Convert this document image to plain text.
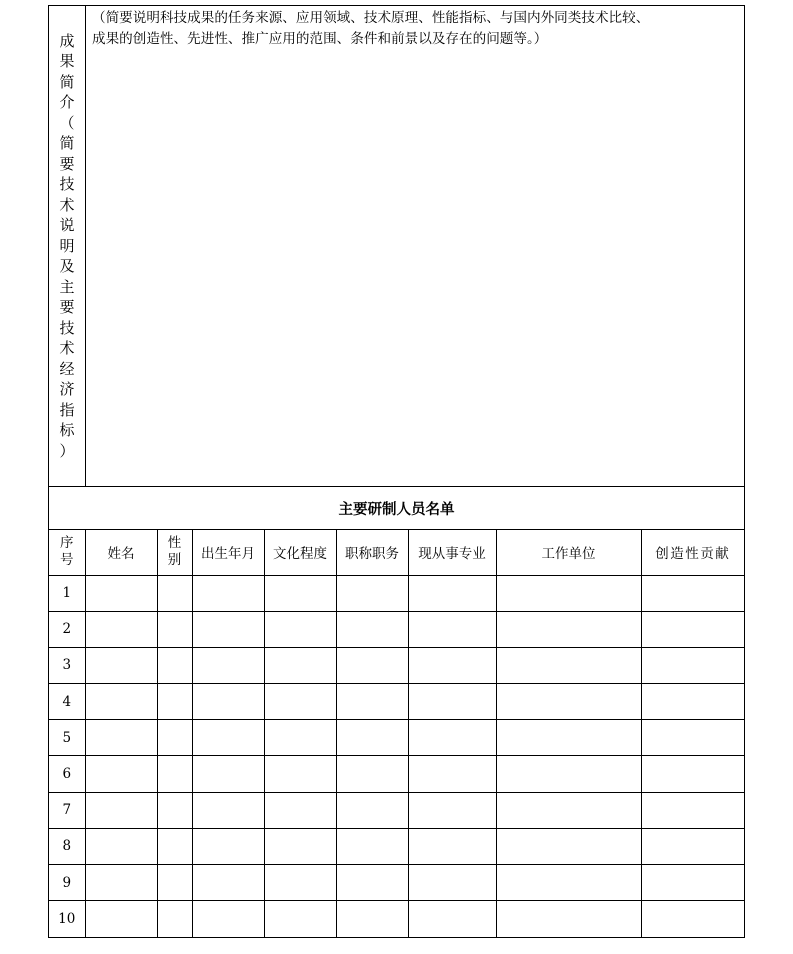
成
果
简
介
（
简
要
技
术
说
明
及
主
要
技
术
经
济
指
标
）
（简要说明科技成果的任务来源、应用领域、技术原理、性能指标、与国内外同类技术比较、
成果的创造性、先进性、推广应用的范围、条件和前景以及存在的问题等。）
主要研制人员名单
序
号	姓名	性
别	出生年月	文化程度	职称职务	现从事专业	工作单位	创造性贡献
1								
2								
3								
4								
5								
6								
7								
8								
9								
10								
